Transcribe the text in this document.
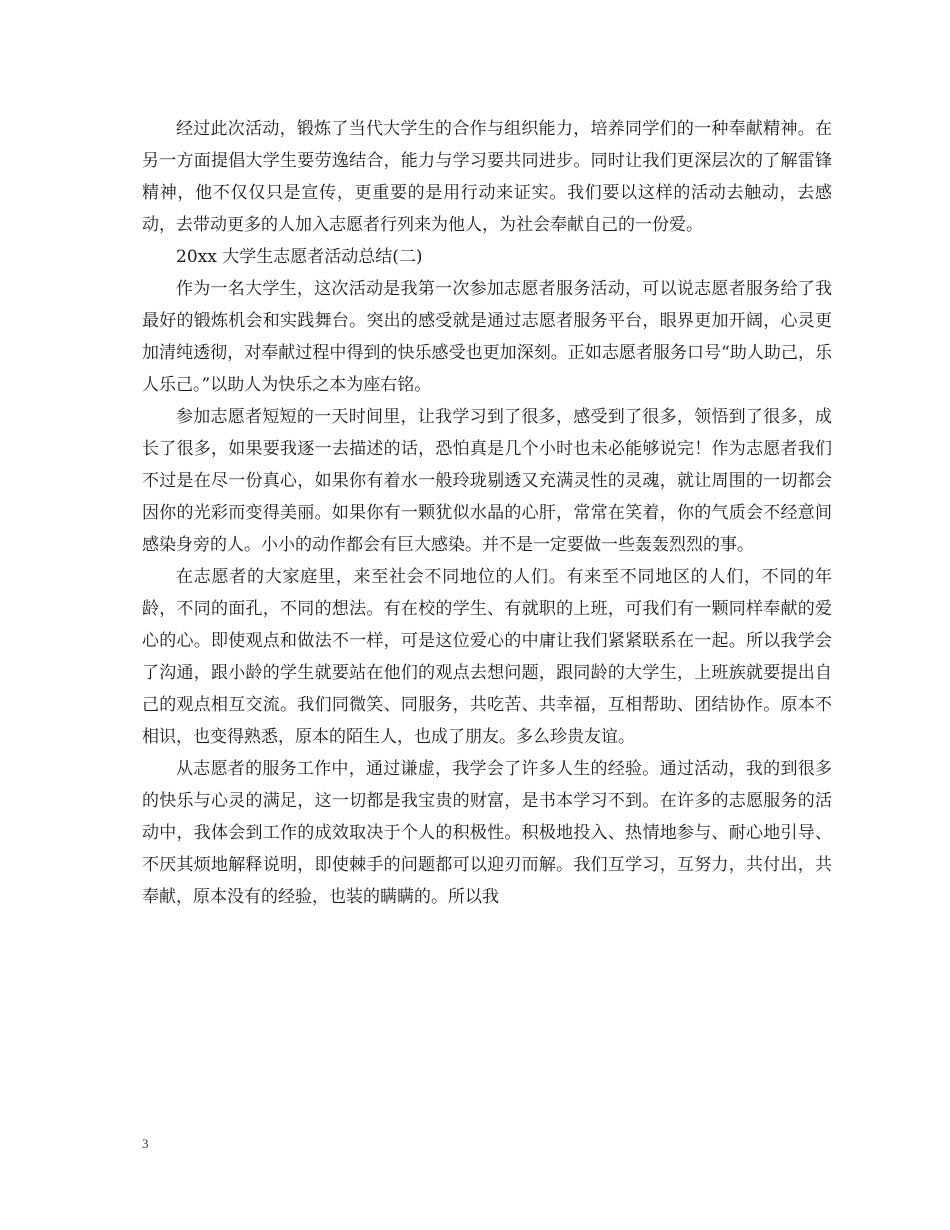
经过此次活动，锻炼了当代大学生的合作与组织能力，培养同学们的一种奉献精神。在另一方面提倡大学生要劳逸结合，能力与学习要共同进步。同时让我们更深层次的了解雷锋精神，他不仅仅只是宣传，更重要的是用行动来证实。我们要以这样的活动去触动，去感动，去带动更多的人加入志愿者行列来为他人，为社会奉献自己的一份爱。

20xx 大学生志愿者活动总结(二)

作为一名大学生，这次活动是我第一次参加志愿者服务活动，可以说志愿者服务给了我最好的锻炼机会和实践舞台。突出的感受就是通过志愿者服务平台，眼界更加开阔，心灵更加清纯透彻，对奉献过程中得到的快乐感受也更加深刻。正如志愿者服务口号“助人助己，乐人乐己。”以助人为快乐之本为座右铭。

参加志愿者短短的一天时间里，让我学习到了很多，感受到了很多，领悟到了很多，成长了很多，如果要我逐一去描述的话，恐怕真是几个小时也未必能够说完！作为志愿者我们不过是在尽一份真心，如果你有着水一般玲珑剔透又充满灵性的灵魂，就让周围的一切都会因你的光彩而变得美丽。如果你有一颗犹似水晶的心肝，常常在笑着，你的气质会不经意间感染身旁的人。小小的动作都会有巨大感染。并不是一定要做一些轰轰烈烈的事。

在志愿者的大家庭里，来至社会不同地位的人们。有来至不同地区的人们，不同的年龄，不同的面孔，不同的想法。有在校的学生、有就职的上班，可我们有一颗同样奉献的爱心的心。即使观点和做法不一样，可是这位爱心的中庸让我们紧紧联系在一起。所以我学会了沟通，跟小龄的学生就要站在他们的观点去想问题，跟同龄的大学生，上班族就要提出自己的观点相互交流。我们同微笑、同服务，共吃苦、共幸福，互相帮助、团结协作。原本不相识，也变得熟悉，原本的陌生人，也成了朋友。多么珍贵友谊。

从志愿者的服务工作中，通过谦虚，我学会了许多人生的经验。通过活动，我的到很多的快乐与心灵的满足，这一切都是我宝贵的财富，是书本学习不到。在许多的志愿服务的活动中，我体会到工作的成效取决于个人的积极性。积极地投入、热情地参与、耐心地引导、不厌其烦地解释说明，即使棘手的问题都可以迎刃而解。我们互学习，互努力，共付出，共奉献，原本没有的经验，也装的瞒瞒的。所以我

3
